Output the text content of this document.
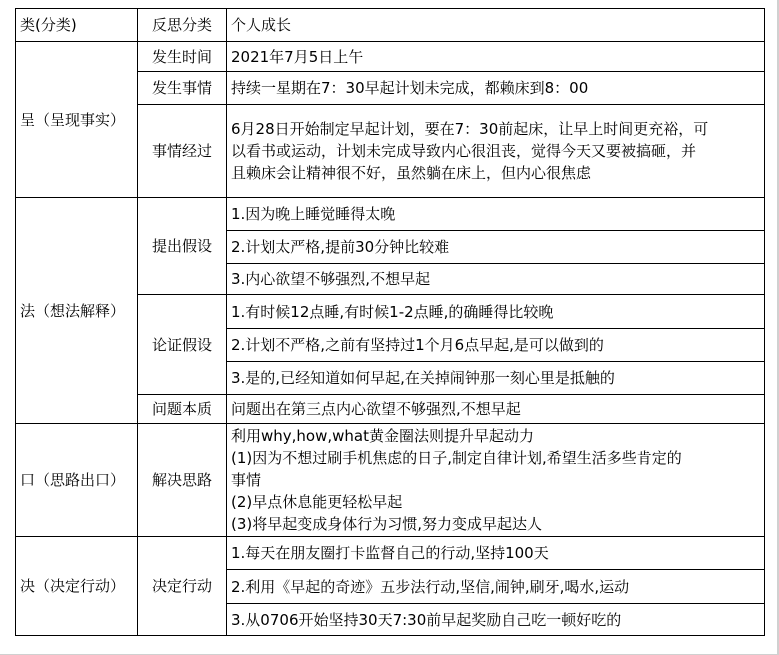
类(分类)	反思分类	个人成长
呈（呈现事实）	发生时间	2021年7月5日上午
	发生事情	持续一星期在7：30早起计划未完成，都赖床到8：00
	事情经过	6月28日开始制定早起计划，要在7：30前起床，让早上时间更充裕，可
以看书或运动，计划未完成导致内心很沮丧，觉得今天又要被搞砸，并
且赖床会让精神很不好，虽然躺在床上，但内心很焦虑

法（想法解释）	提出假设	1.因为晚上睡觉睡得太晚
		2.计划太严格,提前30分钟比较难
		3.内心欲望不够强烈,不想早起
	论证假设	1.有时候12点睡,有时候1-2点睡,的确睡得比较晚
		2.计划不严格,之前有坚持过1个月6点早起,是可以做到的
		3.是的,已经知道如何早起,在关掉闹钟那一刻心里是抵触的
	问题本质	问题出在第三点内心欲望不够强烈,不想早起
口（思路出口）	解决思路	利用why,how,what黄金圈法则提升早起动力
(1)因为不想过刷手机焦虑的日子,制定自律计划,希望生活多些肯定的
事情
(2)早点休息能更轻松早起
(3)将早起变成身体行为习惯,努力变成早起达人

决（决定行动）	决定行动	1.每天在朋友圈打卡监督自己的行动,坚持100天
		2.利用《早起的奇迹》五步法行动,坚信,闹钟,刷牙,喝水,运动
		3.从0706开始坚持30天7:30前早起奖励自己吃一顿好吃的
